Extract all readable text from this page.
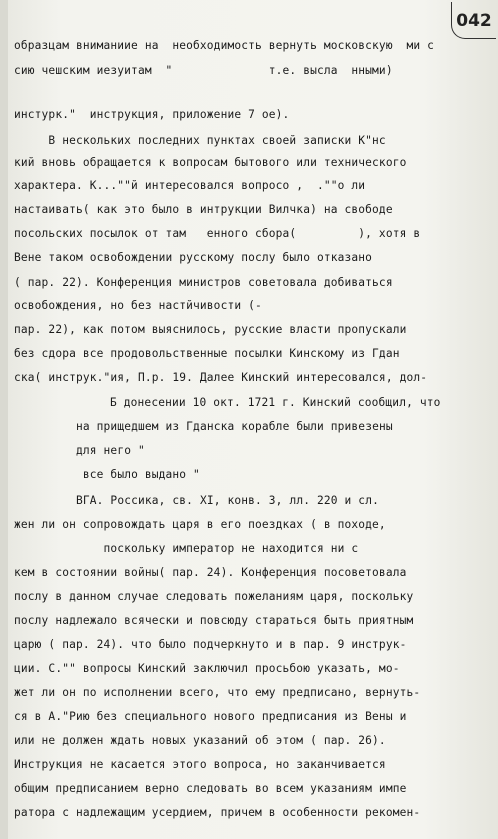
042
образцам вниманиие на  необходимость вернуть московскую  ми с
сию чешским иезуитам  "              т.е. высла  нными)
инстурк."  инструкция, приложение 7 ое).
В нескольких последних пунктах своей записки К"нс
кий вновь обращается к вопросам бытового или технического
характера. К...""й интересовался вопросо ,  .""о ли
настаивать( как это было в интрукции Вилчка) на свободе
посольских посылок от там   енного сбора(         ), хотя в
Вене таком освобождении русскому послу было отказано
( пар. 22). Конференция министров советовала добиваться
освобождения, но без настйчивости (-
пар. 22), как потом выяснилось, русские власти пропускали
без сдора все продовольственные посылки Кинскому из Гдан
ска( инструк."ия, П.р. 19. Далее Кинский интересовался, дол-
Б донесении 10 окт. 1721 г. Кинский сообщил, что
на прищедшем из Гданска корабле были привезены
для него "
все было выдано "
ВГА. Россика, св. XI, конв. 3, лл. 220 и сл.
жен ли он сопровождать царя в его поездках ( в походе,
поскольку император не находится ни с
кем в состоянии войны( пар. 24). Конференция посоветовала
послу в данном случае следовать пожеланиям царя, поскольку
послу надлежало всячески и повсюду стараться быть приятным
царю ( пар. 24). что было подчеркнуто и в пар. 9 инструк-
ции. С."" вопросы Кинский заключил просьбою указать, мо-
жет ли он по исполнении всего, что ему предписано, вернуть-
ся в А."Рию без специального нового предписания из Вены и
или не должен ждать новых указаний об этом ( пар. 26).
Инструкция не касается этого вопроса, но заканчивается
общим предписанием верно следовать во всем указаниям импе
ратора с надлежащим усердием, причем в особенности рекомен-
